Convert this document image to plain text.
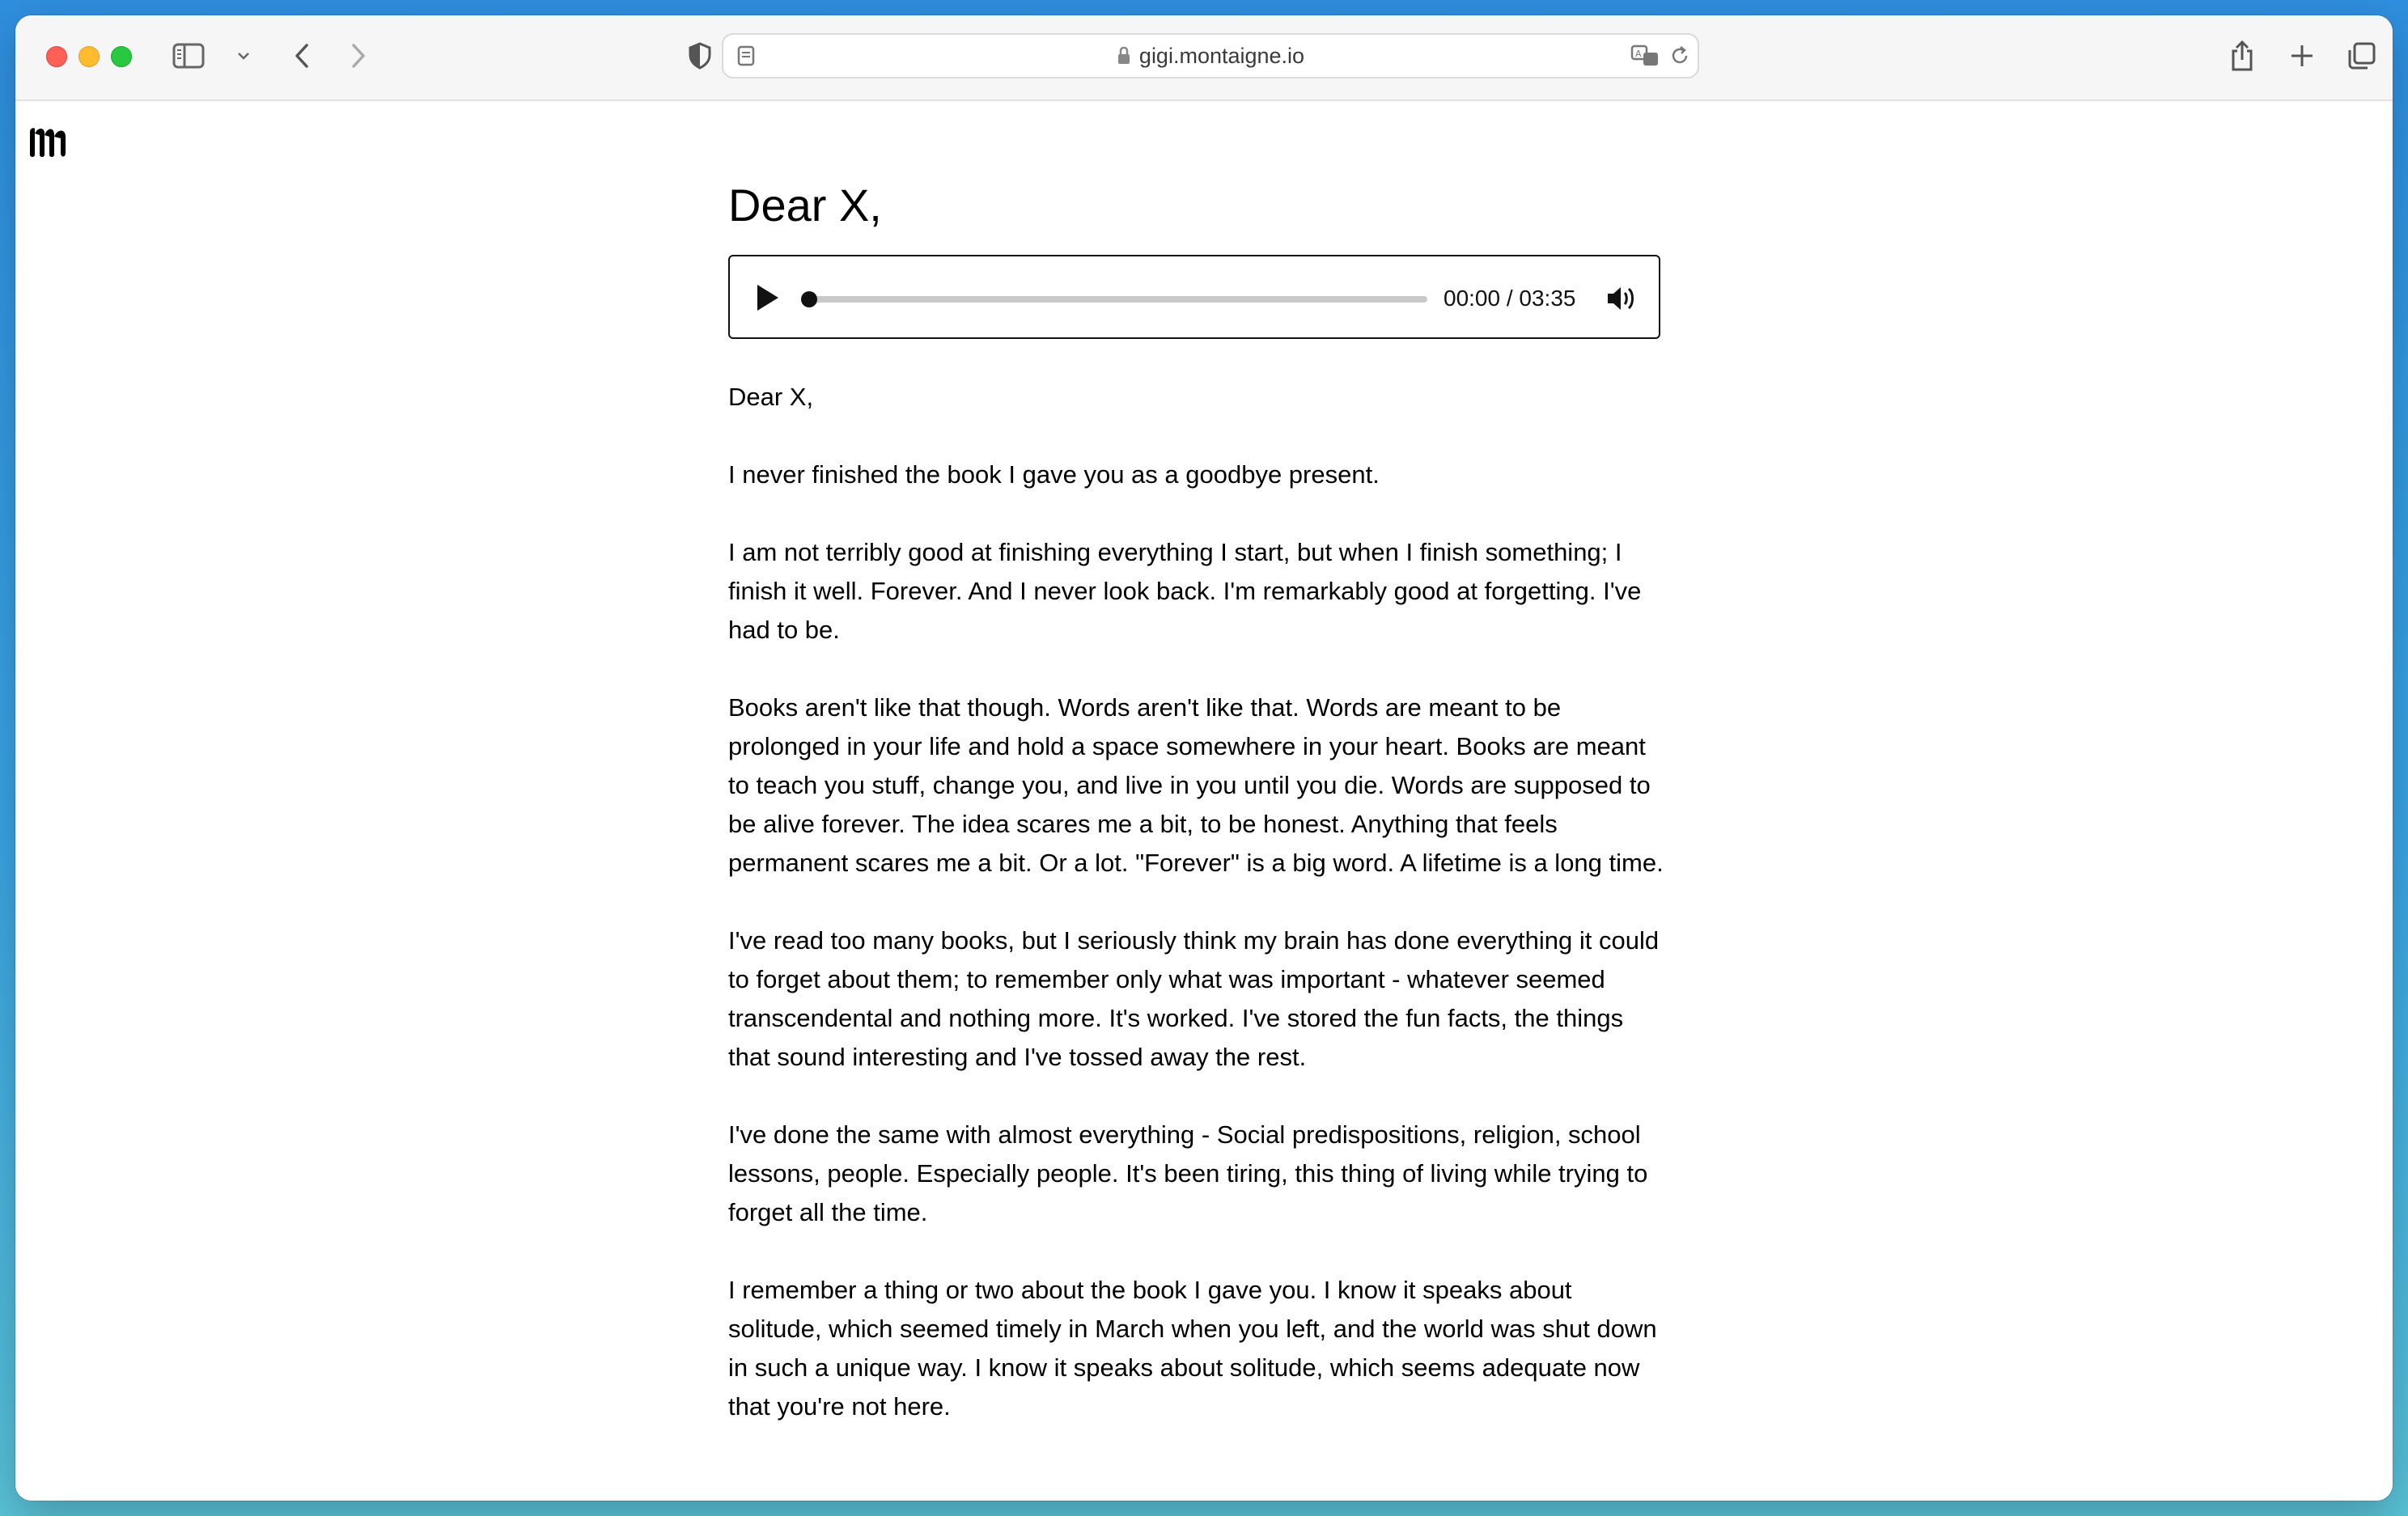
gigi.montaigne.io	A
Dear X,
00:00 / 03:35

Dear X,

I never finished the book I gave you as a goodbye present.

I am not terribly good at finishing everything I start, but when I finish something; I finish it well. Forever. And I never look back. I'm remarkably good at forgetting. I've had to be.

Books aren't like that though. Words aren't like that. Words are meant to be prolonged in your life and hold a space somewhere in your heart. Books are meant to teach you stuff, change you, and live in you until you die. Words are supposed to be alive forever. The idea scares me a bit, to be honest. Anything that feels permanent scares me a bit. Or a lot. "Forever" is a big word. A lifetime is a long time.

I've read too many books, but I seriously think my brain has done everything it could to forget about them; to remember only what was important - whatever seemed transcendental and nothing more. It's worked. I've stored the fun facts, the things that sound interesting and I've tossed away the rest.

I've done the same with almost everything - Social predispositions, religion, school lessons, people. Especially people. It's been tiring, this thing of living while trying to forget all the time.

I remember a thing or two about the book I gave you. I know it speaks about solitude, which seemed timely in March when you left, and the world was shut down in such a unique way. I know it speaks about solitude, which seems adequate now that you're not here.
